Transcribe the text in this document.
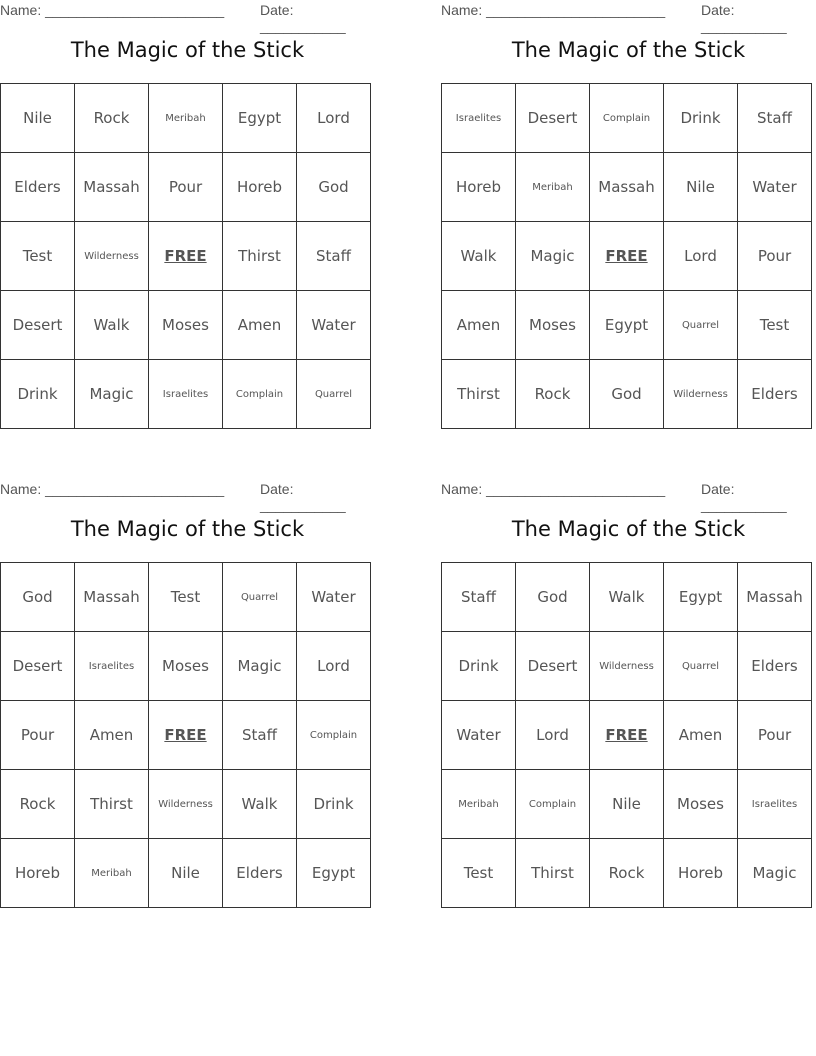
Name: _______________________	Date: ___________
The Magic of the Stick
Nile	Rock	Meribah	Egypt	Lord
Elders	Massah	Pour	Horeb	God
Test	Wilderness	FREE	Thirst	Staff
Desert	Walk	Moses	Amen	Water
Drink	Magic	Israelites	Complain	Quarrel
Name: _______________________	Date: ___________
The Magic of the Stick
Israelites	Desert	Complain	Drink	Staff
Horeb	Meribah	Massah	Nile	Water
Walk	Magic	FREE	Lord	Pour
Amen	Moses	Egypt	Quarrel	Test
Thirst	Rock	God	Wilderness	Elders
Name: _______________________	Date: ___________
The Magic of the Stick
God	Massah	Test	Quarrel	Water
Desert	Israelites	Moses	Magic	Lord
Pour	Amen	FREE	Staff	Complain
Rock	Thirst	Wilderness	Walk	Drink
Horeb	Meribah	Nile	Elders	Egypt
Name: _______________________	Date: ___________
The Magic of the Stick
Staff	God	Walk	Egypt	Massah
Drink	Desert	Wilderness	Quarrel	Elders
Water	Lord	FREE	Amen	Pour
Meribah	Complain	Nile	Moses	Israelites
Test	Thirst	Rock	Horeb	Magic
